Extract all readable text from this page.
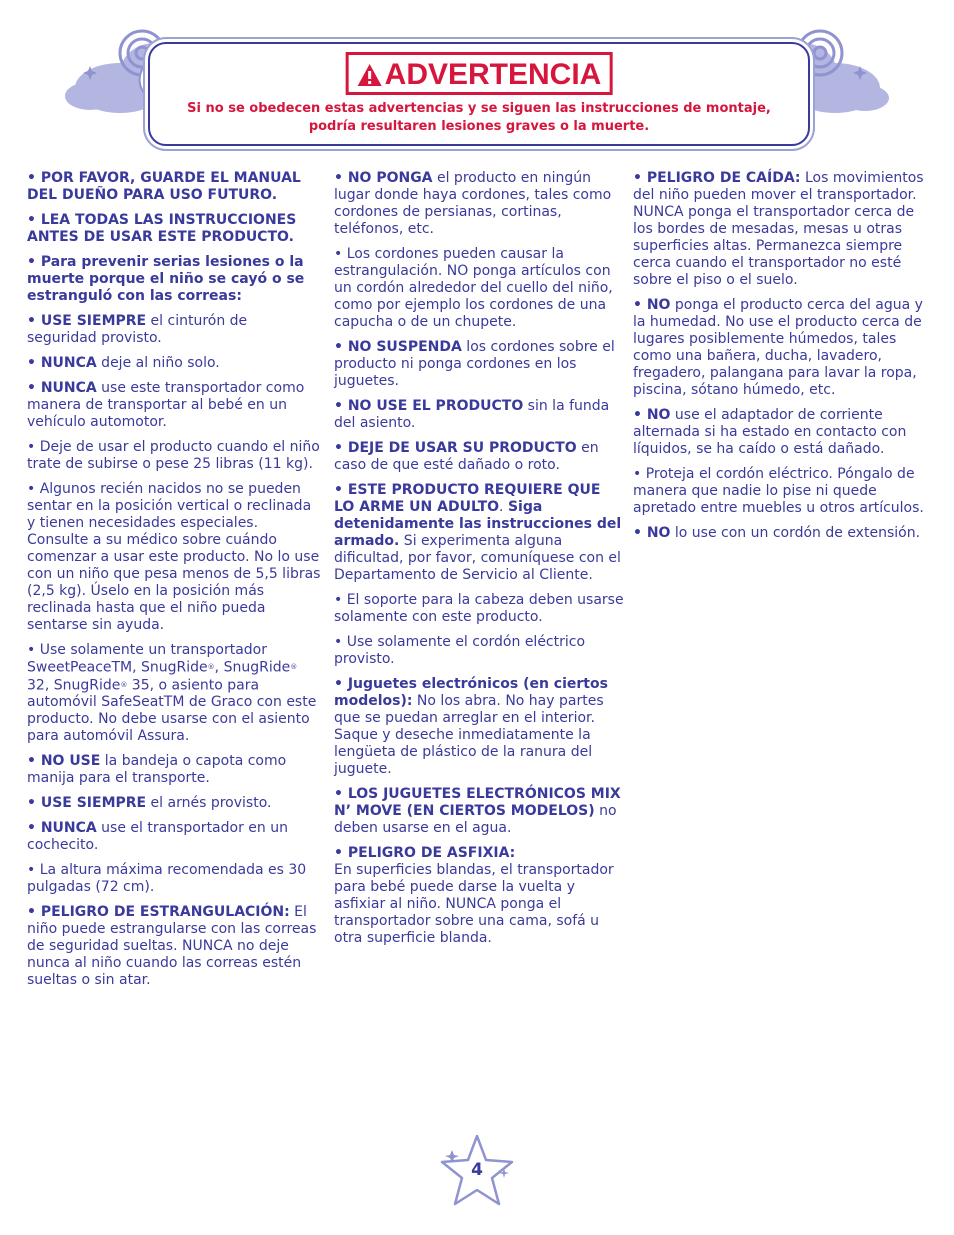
ADVERTENCIA
Si no se obedecen estas advertencias y se siguen las instrucciones de montaje,
podría resultaren lesiones graves o la muerte.

• POR FAVOR, GUARDE EL MANUAL DEL DUEÑO PARA USO FUTURO.

• LEA TODAS LAS INSTRUCCIONES ANTES DE USAR ESTE PRODUCTO.

• Para prevenir serias lesiones o la muerte porque el niño se cayó o se estranguló con las correas:

• USE SIEMPRE el cinturón de seguridad provisto.

• NUNCA deje al niño solo.

• NUNCA use este transportador como manera de transportar al bebé en un vehículo automotor.

• Deje de usar el producto cuando el niño trate de subirse o pese 25 libras (11 kg).

• Algunos recién nacidos no se pueden sentar en la posición vertical o reclinada y tienen necesidades especiales. Consulte a su médico sobre cuándo comenzar a usar este producto. No lo use con un niño que pesa menos de 5,5 libras (2,5 kg). Úselo en la posición más reclinada hasta que el niño pueda sentarse sin ayuda.

• Use solamente un transportador SweetPeaceTM, SnugRide®, SnugRide® 32, SnugRide® 35, o asiento para automóvil SafeSeatTM de Graco con este producto. No debe usarse con el asiento para automóvil Assura.

• NO USE la bandeja o capota como manija para el transporte.

• USE SIEMPRE el arnés provisto.

• NUNCA use el transportador en un cochecito.

• La altura máxima recomendada es 30 pulgadas (72 cm).

• PELIGRO DE ESTRANGULACIÓN: El niño puede estrangularse con las correas de seguridad sueltas. NUNCA no deje nunca al niño cuando las correas estén sueltas o sin atar.

• NO PONGA el producto en ningún lugar donde haya cordones, tales como cordones de persianas, cortinas, teléfonos, etc.

• Los cordones pueden causar la estrangulación. NO ponga artículos con un cordón alrededor del cuello del niño, como por ejemplo los cordones de una capucha o de un chupete.

• NO SUSPENDA los cordones sobre el producto ni ponga cordones en los juguetes.

• NO USE EL PRODUCTO sin la funda del asiento.

• DEJE DE USAR SU PRODUCTO en caso de que esté dañado o roto.

• ESTE PRODUCTO REQUIERE QUE LO ARME UN ADULTO. Siga detenidamente las instrucciones del armado. Si experimenta alguna dificultad, por favor, comuníquese con el Departamento de Servicio al Cliente.

• El soporte para la cabeza deben usarse solamente con este producto.

• Use solamente el cordón eléctrico provisto.

• Juguetes electrónicos (en ciertos modelos): No los abra. No hay partes que se puedan arreglar en el interior. Saque y deseche inmediatamente la lengüeta de plástico de la ranura del juguete.

• LOS JUGUETES ELECTRÓNICOS MIX N’ MOVE (EN CIERTOS MODELOS) no deben usarse en el agua.

• PELIGRO DE ASFIXIA:
En superficies blandas, el transportador para bebé puede darse la vuelta y asfixiar al niño. NUNCA ponga el transportador sobre una cama, sofá u otra superficie blanda.

• PELIGRO DE CAÍDA: Los movimientos del niño pueden mover el transportador. NUNCA ponga el transportador cerca de los bordes de mesadas, mesas u otras superficies altas. Permanezca siempre cerca cuando el transportador no esté sobre el piso o el suelo.

• NO ponga el producto cerca del agua y la humedad. No use el producto cerca de lugares posiblemente húmedos, tales como una bañera, ducha, lavadero, fregadero, palangana para lavar la ropa, piscina, sótano húmedo, etc.

• NO use el adaptador de corriente alternada si ha estado en contacto con líquidos, se ha caído o está dañado.

• Proteja el cordón eléctrico. Póngalo de manera que nadie lo pise ni quede apretado entre muebles u otros artículos.

• NO lo use con un cordón de extensión.

4
